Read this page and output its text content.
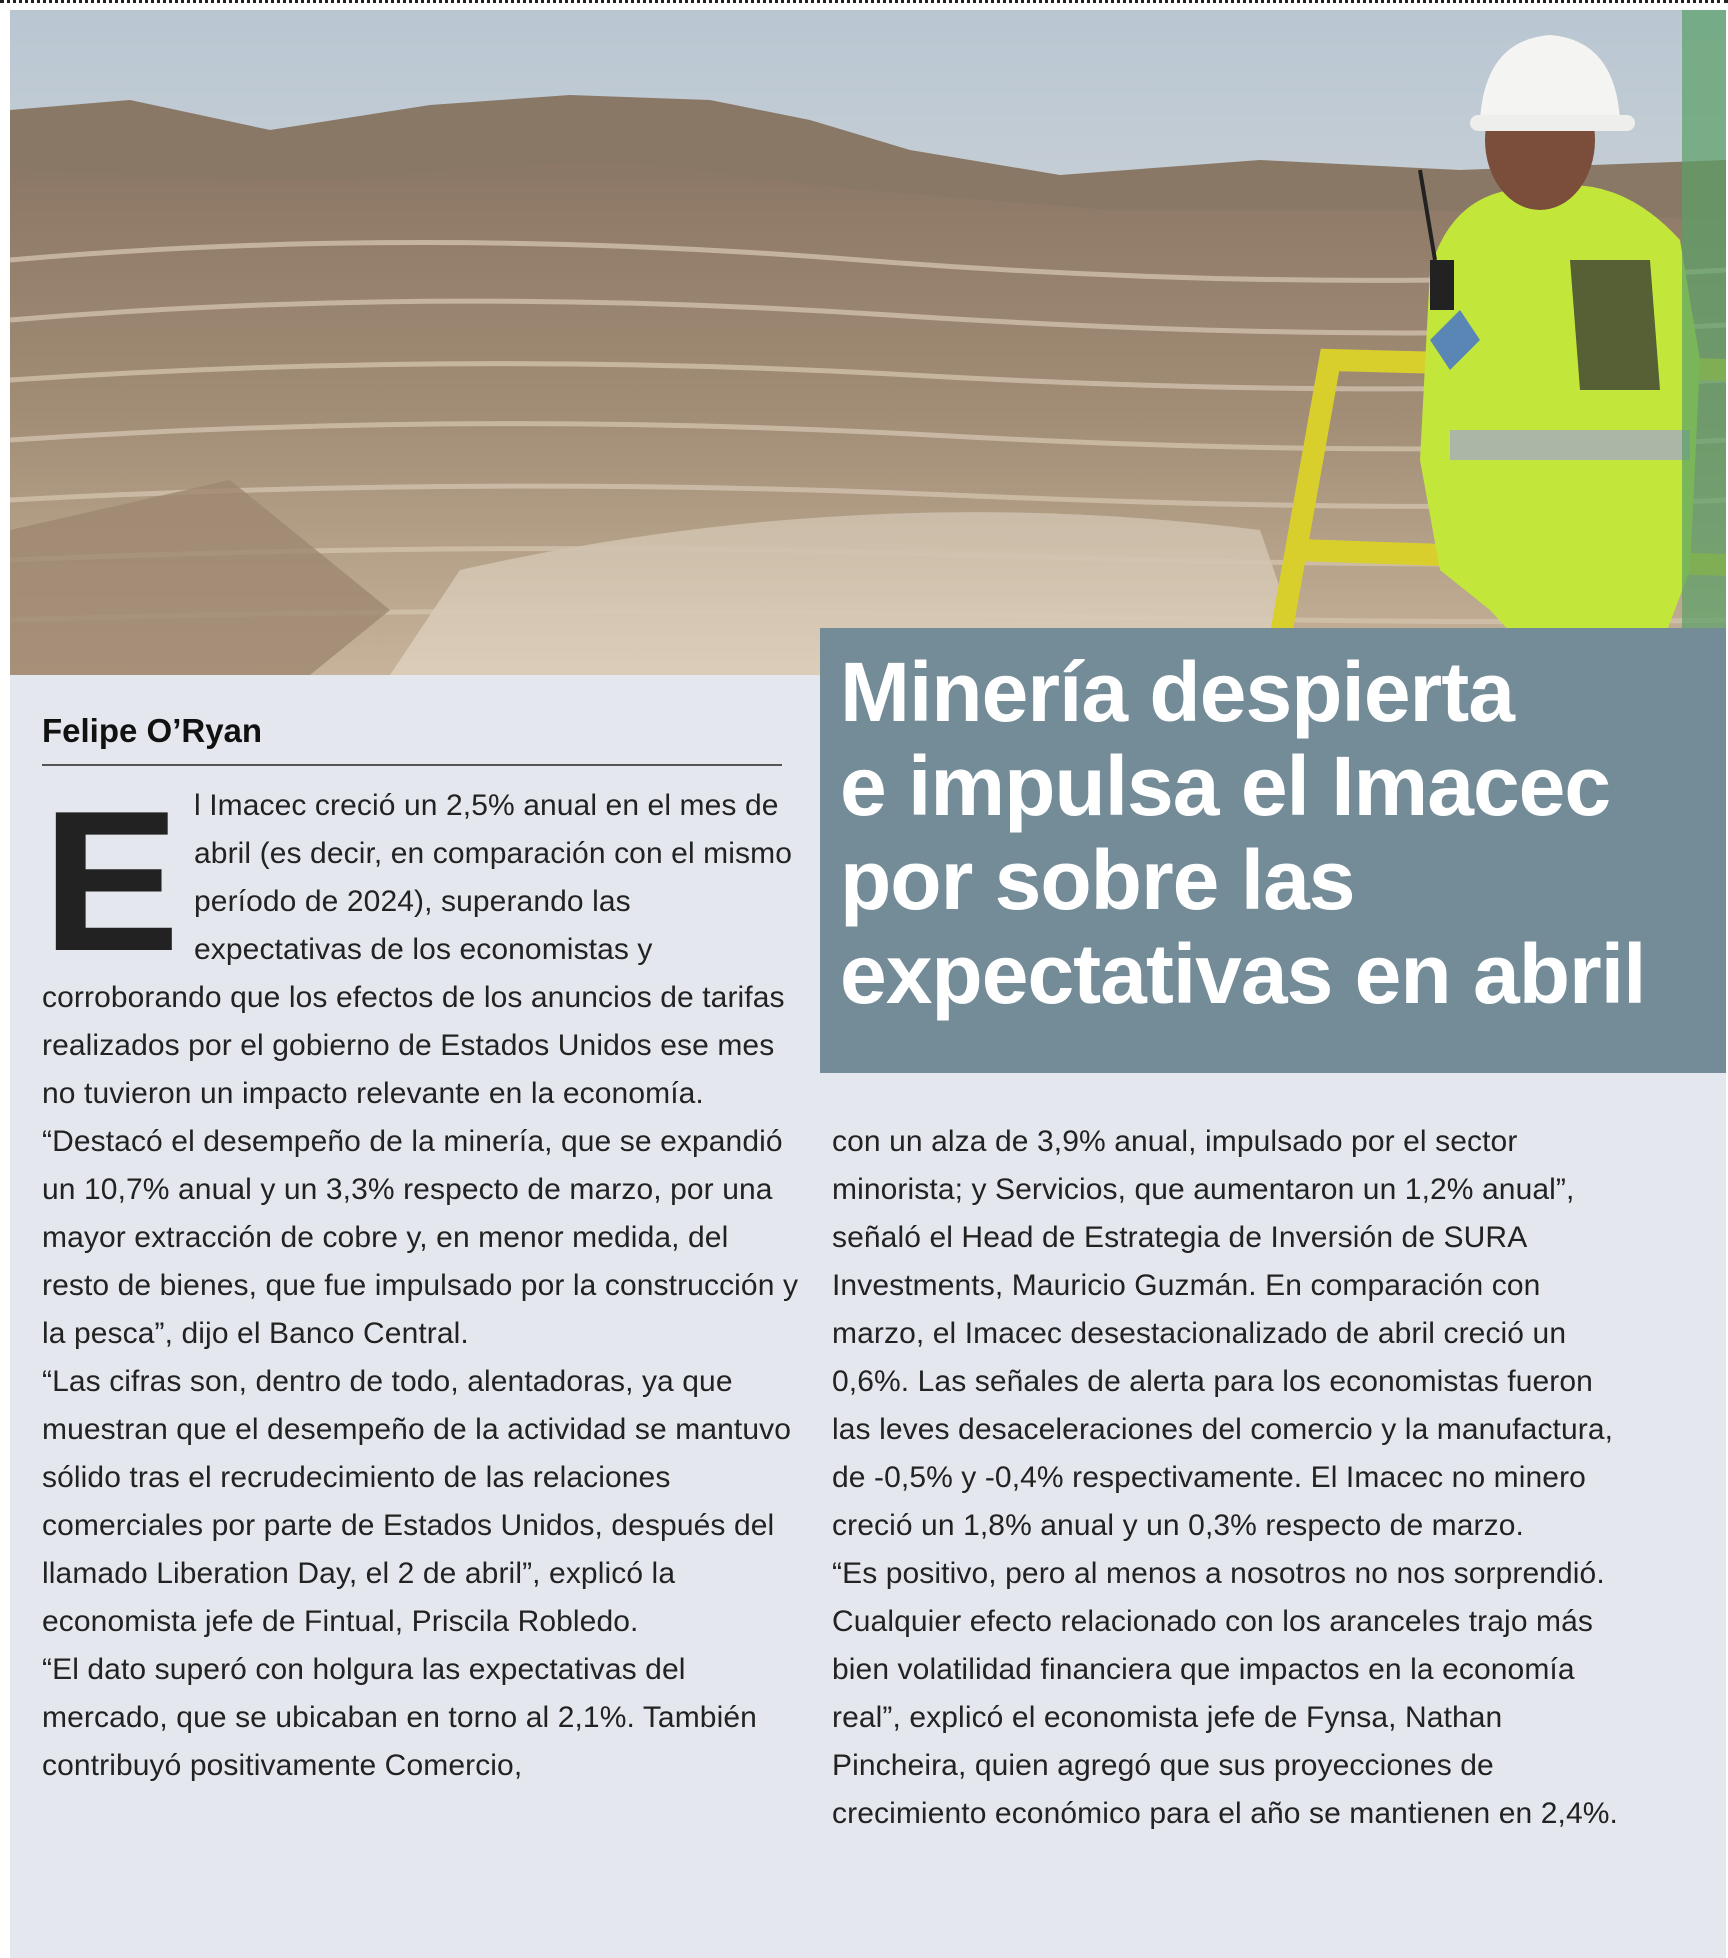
Minería despierta
e impulsa el Imacec
por sobre las
expectativas en abril
Felipe O’Ryan
E l Imacec creció un 2,5% anual en el mes de abril (es decir, en comparación con el mismo período de 2024), superando las expectativas de los economistas y corroborando que los efectos de los anuncios de tarifas realizados por el gobierno de Estados Unidos ese mes no tuvieron un impacto relevante en la economía.

“Destacó el desempeño de la minería, que se expandió un 10,7% anual y un 3,3% respecto de marzo, por una mayor extracción de cobre y, en menor medida, del resto de bienes, que fue impulsado por la construcción y la pesca”, dijo el Banco Central.

“Las cifras son, dentro de todo, alentadoras, ya que muestran que el desempeño de la actividad se mantuvo sólido tras el recrudecimiento de las relaciones comerciales por parte de Estados Unidos, después del llamado Liberation Day, el 2 de abril”, explicó la economista jefe de Fintual, Priscila Robledo.

“El dato superó con holgura las expectativas del mercado, que se ubicaban en torno al 2,1%. También contribuyó positivamente Comercio,

con un alza de 3,9% anual, impulsado por el sector minorista; y Servicios, que aumentaron un 1,2% anual”, señaló el Head de Estrategia de Inversión de SURA Investments, Mauricio Guzmán. En comparación con marzo, el Imacec desestacionalizado de abril creció un 0,6%. Las señales de alerta para los economistas fueron las leves desaceleraciones del comercio y la manufactura, de -0,5% y -0,4% respectivamente. El Imacec no minero creció un 1,8% anual y un 0,3% respecto de marzo.

“Es positivo, pero al menos a nosotros no nos sorprendió. Cualquier efecto relacionado con los aranceles trajo más bien volatilidad financiera que impactos en la economía real”, explicó el economista jefe de Fynsa, Nathan Pincheira, quien agregó que sus proyecciones de crecimiento económico para el año se mantienen en 2,4%.
